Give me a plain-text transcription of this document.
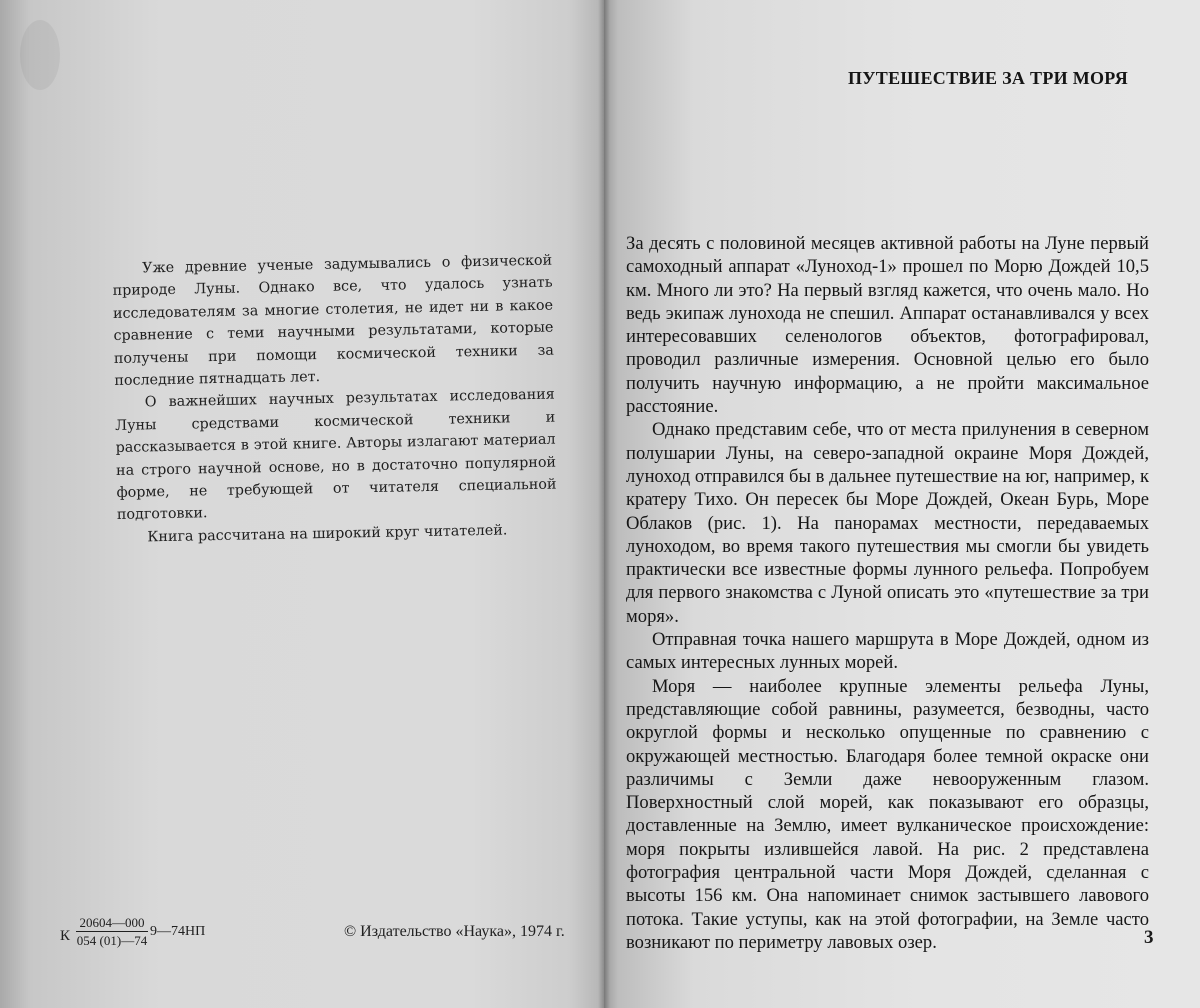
Уже древние ученые задумывались о физической природе Луны. Однако все, что удалось узнать исследователям за многие столетия, не идет ни в какое сравнение с теми научными результатами, которые получены при помощи космической техники за последние пятнадцать лет.

О важнейших научных результатах исследования Луны средствами космической техники и рассказывается в этой книге. Авторы излагают материал на строго научной основе, но в достаточно популярной форме, не требующей от читателя специальной подготовки.

Книга рассчитана на широкий круг читателей.

К $\frac{20604—000}{054 (01)—74}$ 9—74НП	© Издательство «Наука», 1974 г.
ПУТЕШЕСТВИЕ ЗА ТРИ МОРЯ

За десять с половиной месяцев активной работы на Луне первый самоходный аппарат «Луноход-1» прошел по Морю Дождей 10,5 км. Много ли это? На первый взгляд кажется, что очень мало. Но ведь экипаж лунохода не спешил. Аппарат останавливался у всех интересовавших селенологов объектов, фотографировал, проводил различные измерения. Основной целью его было получить научную информацию, а не пройти максимальное расстояние.

Однако представим себе, что от места прилунения в северном полушарии Луны, на северо-западной окраине Моря Дождей, луноход отправился бы в дальнее путешествие на юг, например, к кратеру Тихо. Он пересек бы Море Дождей, Океан Бурь, Море Облаков (рис. 1). На панорамах местности, передаваемых луноходом, во время такого путешествия мы смогли бы увидеть практически все известные формы лунного рельефа. Попробуем для первого знакомства с Луной описать это «путешествие за три моря».

Отправная точка нашего маршрута в Море Дождей, одном из самых интересных лунных морей.

Моря — наиболее крупные элементы рельефа Луны, представляющие собой равнины, разумеется, безводны, часто округлой формы и несколько опущенные по сравнению с окружающей местностью. Благодаря более темной окраске они различимы с Земли даже невооруженным глазом. Поверхностный слой морей, как показывают его образцы, доставленные на Землю, имеет вулканическое происхождение: моря покрыты излившейся лавой. На рис. 2 представлена фотография центральной части Моря Дождей, сделанная с высоты 156 км. Она напоминает снимок застывшего лавового потока. Такие уступы, как на этой фотографии, на Земле часто возникают по периметру лавовых озер.	3
